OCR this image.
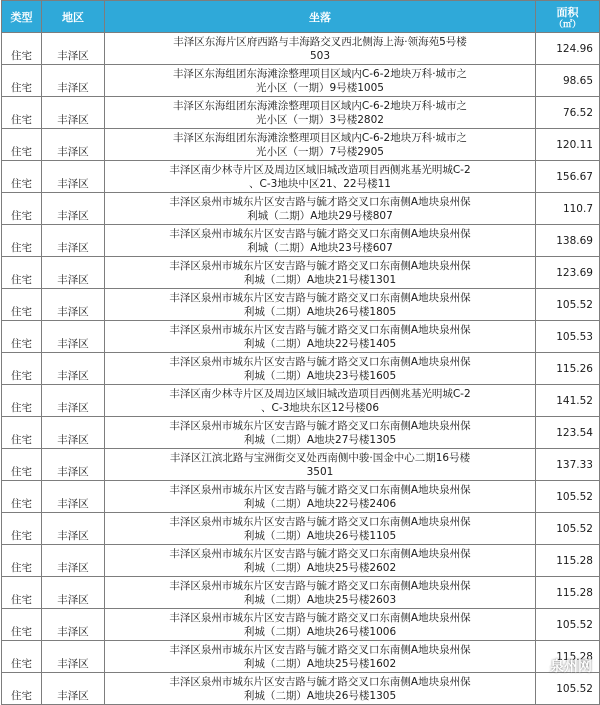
类型	地区	坐落	面积
（㎡）

住宅	丰泽区	丰泽区东海片区府西路与丰海路交叉西北侧海上海·领海苑5号楼
503	124.96
住宅	丰泽区	丰泽区东海组团东海滩涂整理项目区域内C-6-2地块万科·城市之
光小区（一期）9号楼1005	98.65
住宅	丰泽区	丰泽区东海组团东海滩涂整理项目区域内C-6-2地块万科·城市之
光小区（一期）3号楼2802	76.52
住宅	丰泽区	丰泽区东海组团东海滩涂整理项目区域内C-6-2地块万科·城市之
光小区（一期）7号楼2905	120.11
住宅	丰泽区	丰泽区南少林寺片区及周边区域旧城改造项目西侧兆基光明城C-2
、C-3地块中区21、22号楼11	156.67
住宅	丰泽区	丰泽区泉州市城东片区安吉路与毓才路交叉口东南侧A地块泉州保
利城（二期）A地块29号楼807	110.7
住宅	丰泽区	丰泽区泉州市城东片区安吉路与毓才路交叉口东南侧A地块泉州保
利城（二期）A地块23号楼607	138.69
住宅	丰泽区	丰泽区泉州市城东片区安吉路与毓才路交叉口东南侧A地块泉州保
利城（二期）A地块21号楼1301	123.69
住宅	丰泽区	丰泽区泉州市城东片区安吉路与毓才路交叉口东南侧A地块泉州保
利城（二期）A地块26号楼1805	105.52
住宅	丰泽区	丰泽区泉州市城东片区安吉路与毓才路交叉口东南侧A地块泉州保
利城（二期）A地块22号楼1405	105.53
住宅	丰泽区	丰泽区泉州市城东片区安吉路与毓才路交叉口东南侧A地块泉州保
利城（二期）A地块23号楼1605	115.26
住宅	丰泽区	丰泽区南少林寺片区及周边区域旧城改造项目西侧兆基光明城C-2
、C-3地块东区12号楼06	141.52
住宅	丰泽区	丰泽区泉州市城东片区安吉路与毓才路交叉口东南侧A地块泉州保
利城（二期）A地块27号楼1305	123.54
住宅	丰泽区	丰泽区江滨北路与宝洲街交叉处西南侧中骏·国金中心二期16号楼
3501	137.33
住宅	丰泽区	丰泽区泉州市城东片区安吉路与毓才路交叉口东南侧A地块泉州保
利城（二期）A地块22号楼2406	105.52
住宅	丰泽区	丰泽区泉州市城东片区安吉路与毓才路交叉口东南侧A地块泉州保
利城（二期）A地块26号楼1105	105.52
住宅	丰泽区	丰泽区泉州市城东片区安吉路与毓才路交叉口东南侧A地块泉州保
利城（二期）A地块25号楼2602	115.28
住宅	丰泽区	丰泽区泉州市城东片区安吉路与毓才路交叉口东南侧A地块泉州保
利城（二期）A地块25号楼2603	115.28
住宅	丰泽区	丰泽区泉州市城东片区安吉路与毓才路交叉口东南侧A地块泉州保
利城（二期）A地块26号楼1006	105.52
住宅	丰泽区	丰泽区泉州市城东片区安吉路与毓才路交叉口东南侧A地块泉州保
利城（二期）A地块25号楼1602	115.28
住宅	丰泽区	丰泽区泉州市城东片区安吉路与毓才路交叉口东南侧A地块泉州保
利城（二期）A地块26号楼1305	105.52
泉州网
